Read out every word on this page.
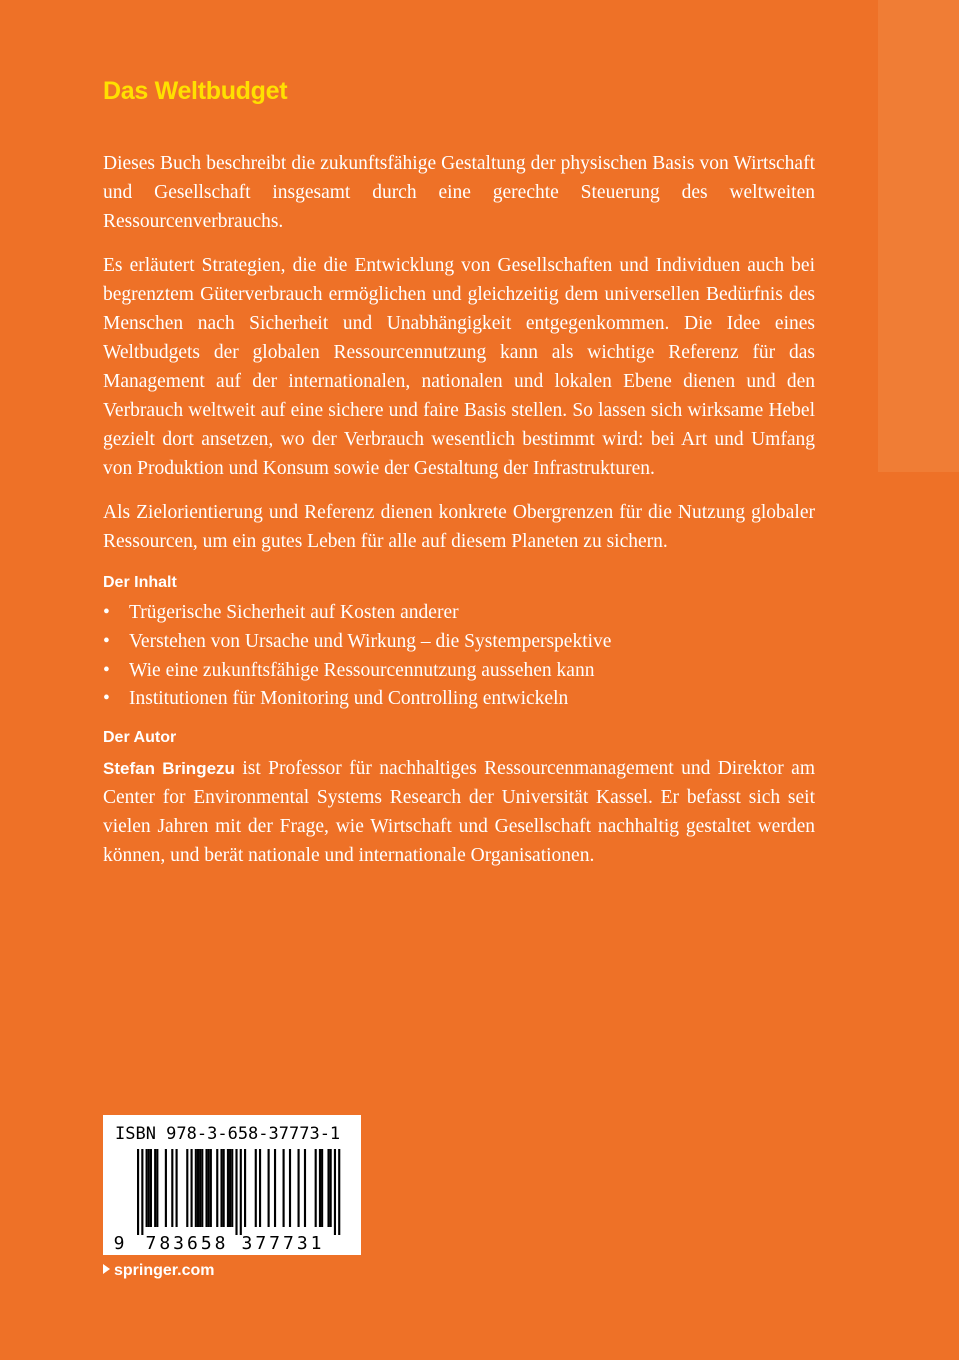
Das Weltbudget

Dieses Buch beschreibt die zukunftsfähige Gestaltung der physischen Basis von Wirtschaft und Gesellschaft insgesamt durch eine gerechte Steuerung des weltweiten Ressourcenverbrauchs.

Es erläutert Strategien, die die Entwicklung von Gesellschaften und Individuen auch bei begrenztem Güterverbrauch ermöglichen und gleichzeitig dem universellen Bedürfnis des Menschen nach Sicherheit und Unabhängigkeit entgegenkommen. Die Idee eines Weltbudgets der globalen Ressourcennutzung kann als wichtige Referenz für das Management auf der internationalen, nationalen und lokalen Ebene dienen und den Verbrauch weltweit auf eine sichere und faire Basis stellen. So lassen sich wirksame Hebel gezielt dort ansetzen, wo der Verbrauch wesentlich bestimmt wird: bei Art und Umfang von Produktion und Konsum sowie der Gestaltung der Infrastrukturen.

Als Zielorientierung und Referenz dienen konkrete Obergrenzen für die Nutzung globaler Ressourcen, um ein gutes Leben für alle auf diesem Planeten zu sichern.

Der Inhalt
• Trügerische Sicherheit auf Kosten anderer
• Verstehen von Ursache und Wirkung – die Systemperspektive
• Wie eine zukunftsfähige Ressourcennutzung aussehen kann
• Institutionen für Monitoring und Controlling entwickeln
Der Autor

Stefan Bringezu ist Professor für nachhaltiges Ressourcenmanagement und Direktor am Center for Environmental Systems Research der Universität Kassel. Er befasst sich seit vielen Jahren mit der Frage, wie Wirtschaft und Gesellschaft nachhaltig gestaltet werden können, und berät nationale und internationale Organisationen.

ISBN 978-3-658-37773-1
9 783658 377731
springer.com
